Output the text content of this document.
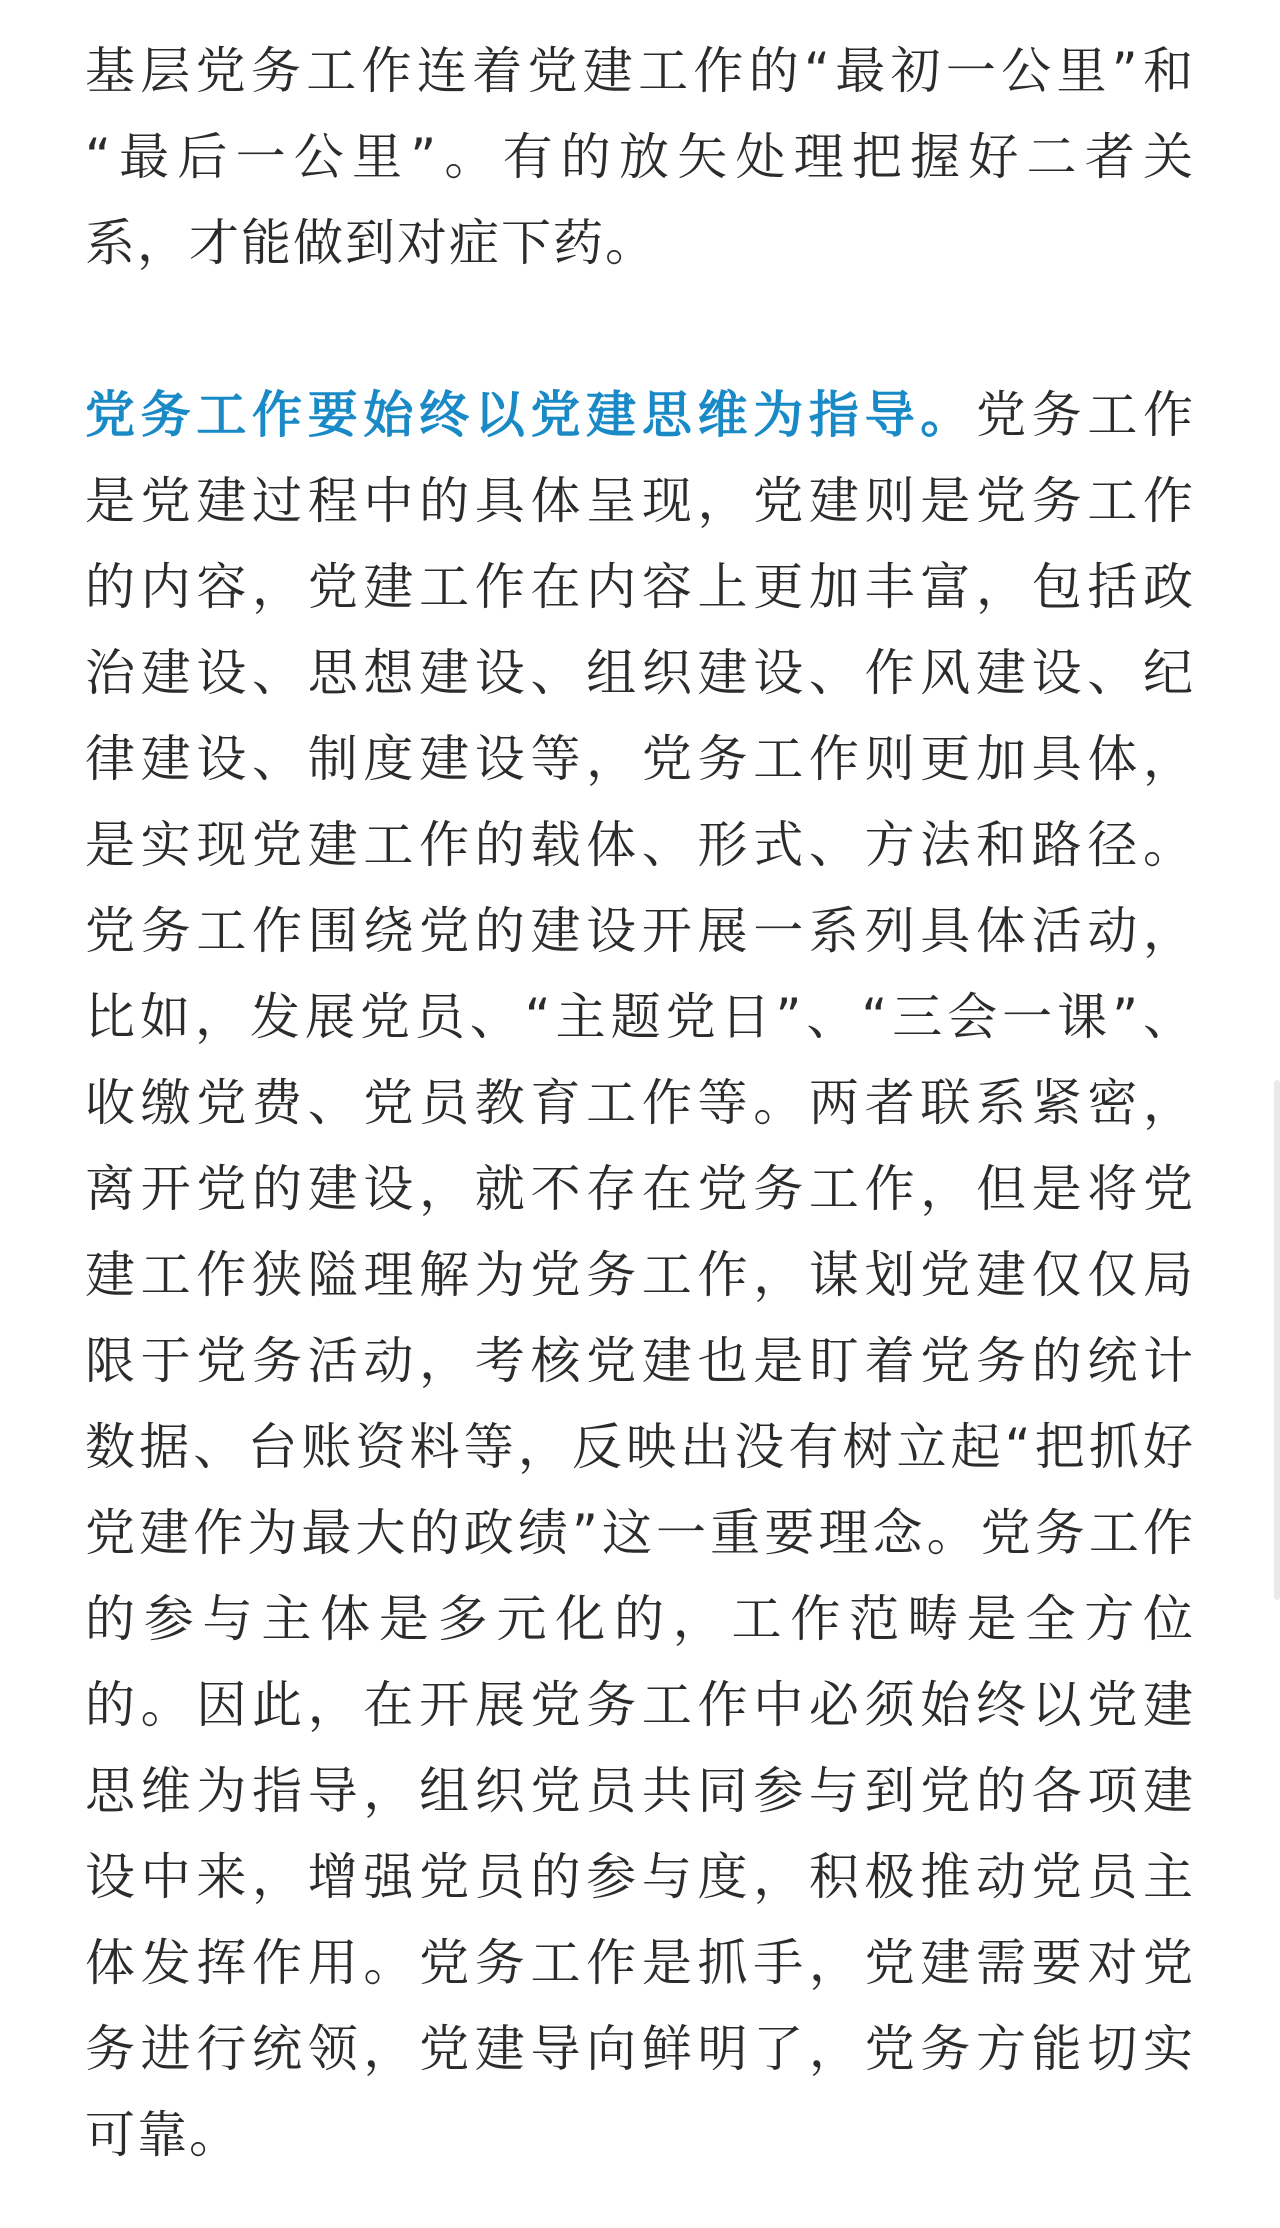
基层党务工作连着党建工作的“最初一公里”和
“最后一公里”。有的放矢处理把握好二者关
系，才能做到对症下药。

党务工作要始终以党建思维为指导。党务工作
是党建过程中的具体呈现，党建则是党务工作
的内容，党建工作在内容上更加丰富，包括政
治建设、思想建设、组织建设、作风建设、纪
律建设、制度建设等，党务工作则更加具体，
是实现党建工作的载体、形式、方法和路径。
党务工作围绕党的建设开展一系列具体活动，
比如，发展党员、“主题党日”、“三会一课”、
收缴党费、党员教育工作等。两者联系紧密，
离开党的建设，就不存在党务工作，但是将党
建工作狭隘理解为党务工作，谋划党建仅仅局
限于党务活动，考核党建也是盯着党务的统计
数据、台账资料等，反映出没有树立起“把抓好
党建作为最大的政绩”这一重要理念。党务工作
的参与主体是多元化的，工作范畴是全方位
的。因此，在开展党务工作中必须始终以党建
思维为指导，组织党员共同参与到党的各项建
设中来，增强党员的参与度，积极推动党员主
体发挥作用。党务工作是抓手，党建需要对党
务进行统领，党建导向鲜明了，党务方能切实
可靠。
